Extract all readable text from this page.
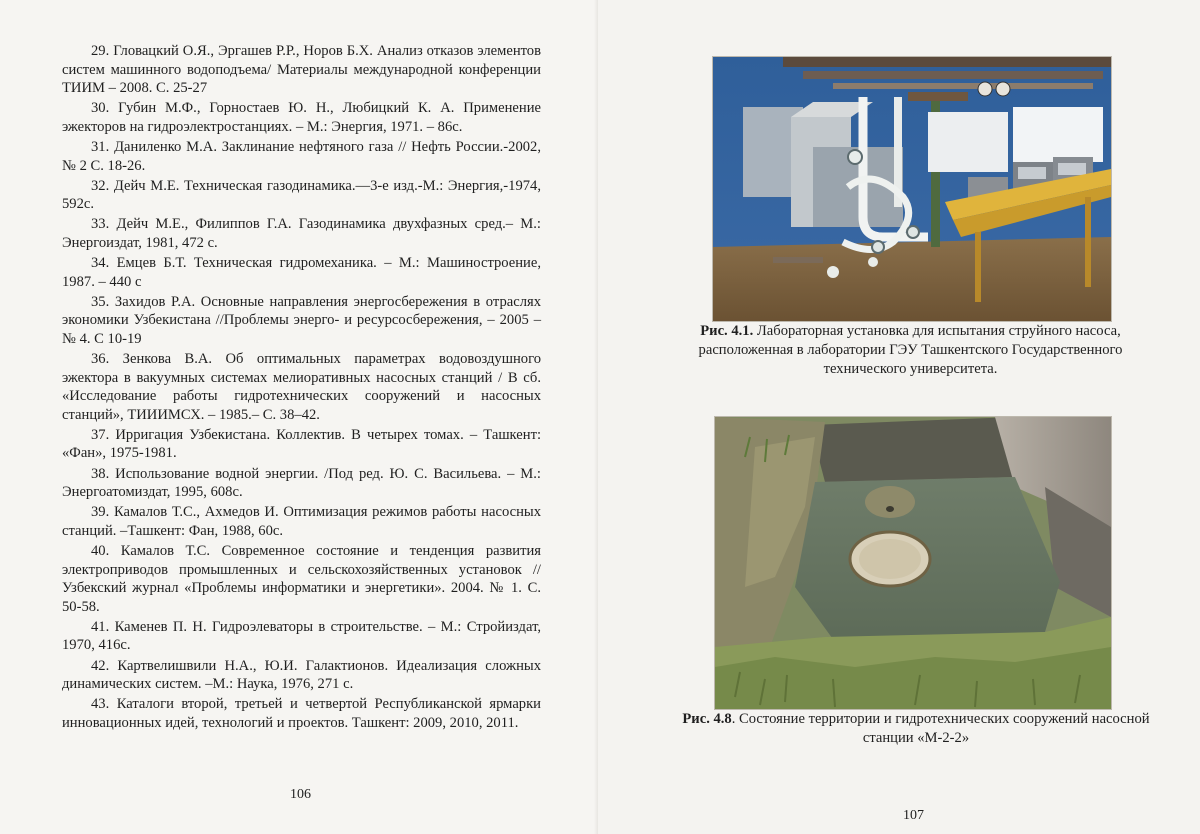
29. Гловацкий О.Я., Эргашев Р.Р., Норов Б.Х. Анализ отказов элементов систем машинного водоподъема/ Материалы международной конференции ТИИМ – 2008. С. 25-27

30. Губин М.Ф., Горностаев Ю. Н., Любицкий К. А. Применение эжекторов на гидроэлектростанциях. – М.: Энергия, 1971. – 86с.

31. Даниленко М.А. Заклинание нефтяного газа // Нефть России.-2002, № 2 С. 18-26.

32. Дейч М.Е. Техническая газодинамика.—3-е изд.-М.: Энергия,-1974, 592с.

33. Дейч М.Е., Филиппов Г.А. Газодинамика двухфазных сред.– М.: Энергоиздат, 1981, 472 с.

34. Емцев Б.Т. Техническая гидромеханика. – М.: Машиностроение, 1987. – 440 с

35. Захидов Р.А. Основные направления энергосбережения в отраслях экономики Узбекистана //Проблемы энерго- и ресурсосбережения, – 2005 – № 4. С 10-19

36. Зенкова В.А. Об оптимальных параметрах водовоздушного эжектора в вакуумных системах мелиоративных насосных станций / В сб. «Исследование работы гидротехнических сооружений и насосных станций», ТИИИМСХ. – 1985.– С. 38–42.

37. Ирригация Узбекистана. Коллектив. В четырех томах. – Ташкент: «Фан», 1975-1981.

38. Использование водной энергии. /Под ред. Ю. С. Васильева. – М.: Энергоатомиздат, 1995, 608с.

39. Камалов Т.С., Ахмедов И. Оптимизация режимов работы насосных станций. –Ташкент: Фан, 1988, 60с.

40. Камалов Т.С. Современное состояние и тенденция развития электроприводов промышленных и сельскохозяйственных установок // Узбекский журнал «Проблемы информатики и энергетики». 2004. № 1. С. 50-58.

41. Каменев П. Н. Гидроэлеваторы в строительстве. – М.: Стройиздат, 1970, 416с.

42. Картвелишвили Н.А., Ю.И. Галактионов. Идеализация сложных динамических систем. –М.: Наука, 1976, 271 с.

43. Каталоги второй, третьей и четвертой Республиканской ярмарки инновационных идей, технологий и проектов. Ташкент: 2009, 2010, 2011.

106
Рис. 4.1. Лабораторная установка для испытания струйного насоса, расположенная в лаборатории ГЭУ Ташкентского Государственного технического университета.
Рис. 4.8. Состояние территории и гидротехнических сооружений насосной станции «М-2-2»
107
